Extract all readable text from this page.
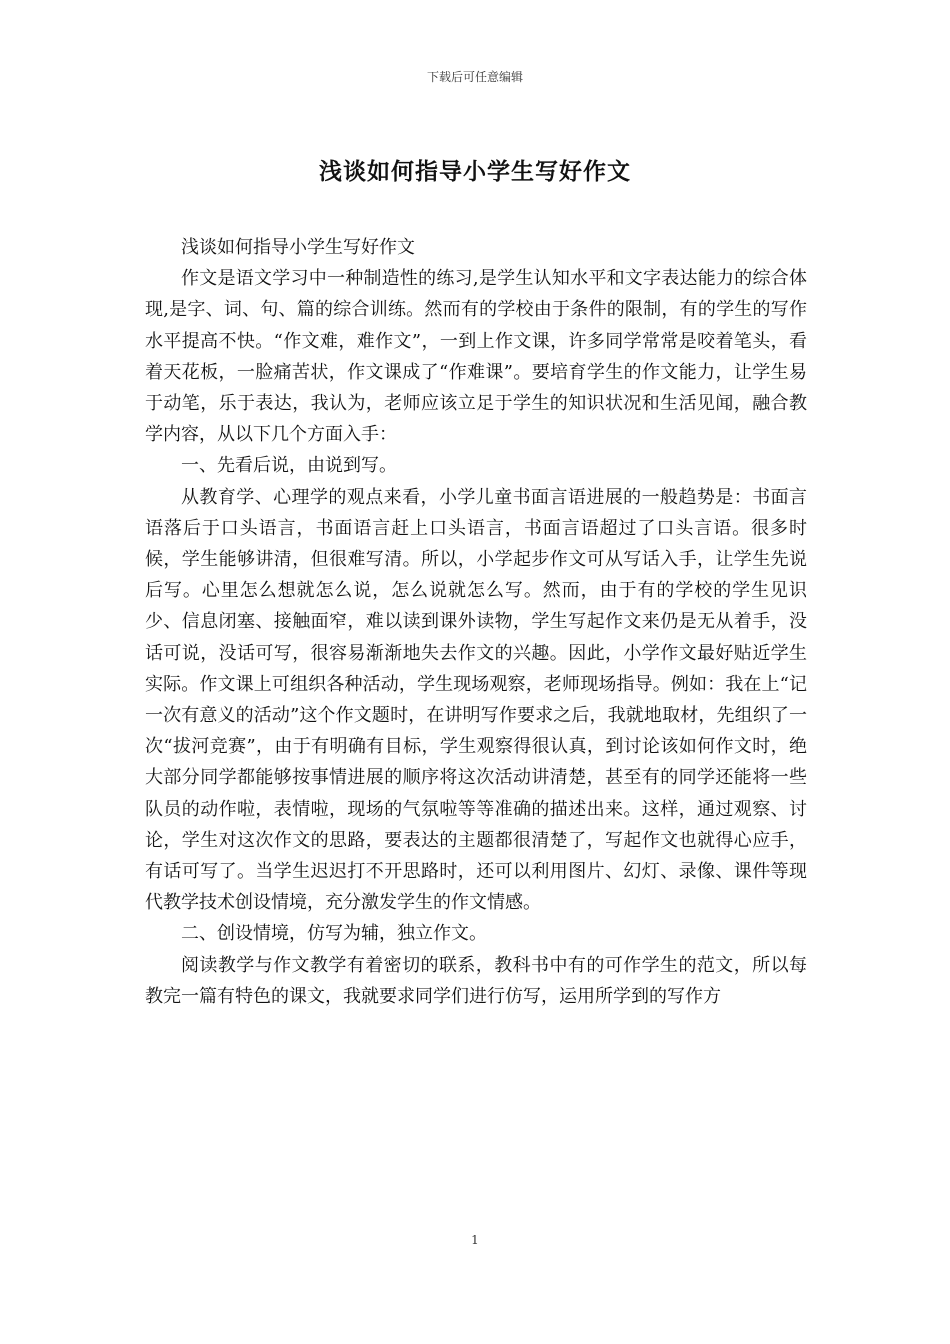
下载后可任意编辑
浅谈如何指导小学生写好作文

浅谈如何指导小学生写好作文

作文是语文学习中一种制造性的练习,是学生认知水平和文字表达能力的综合体现,是字、词、句、篇的综合训练。然而有的学校由于条件的限制，有的学生的写作水平提高不快。“作文难，难作文”，一到上作文课，许多同学常常是咬着笔头，看着天花板，一脸痛苦状，作文课成了“作难课”。要培育学生的作文能力，让学生易于动笔，乐于表达，我认为，老师应该立足于学生的知识状况和生活见闻，融合教学内容，从以下几个方面入手：

一、先看后说，由说到写。

从教育学、心理学的观点来看，小学儿童书面言语进展的一般趋势是：书面言语落后于口头语言，书面语言赶上口头语言，书面言语超过了口头言语。很多时候，学生能够讲清，但很难写清。所以，小学起步作文可从写话入手，让学生先说后写。心里怎么想就怎么说，怎么说就怎么写。然而，由于有的学校的学生见识少、信息闭塞、接触面窄，难以读到课外读物，学生写起作文来仍是无从着手，没话可说，没话可写，很容易渐渐地失去作文的兴趣。因此，小学作文最好贴近学生实际。作文课上可组织各种活动，学生现场观察，老师现场指导。例如：我在上“记一次有意义的活动”这个作文题时，在讲明写作要求之后，我就地取材，先组织了一次“拔河竞赛”，由于有明确有目标，学生观察得很认真，到讨论该如何作文时，绝大部分同学都能够按事情进展的顺序将这次活动讲清楚，甚至有的同学还能将一些队员的动作啦，表情啦，现场的气氛啦等等准确的描述出来。这样，通过观察、讨论，学生对这次作文的思路，要表达的主题都很清楚了，写起作文也就得心应手，有话可写了。当学生迟迟打不开思路时，还可以利用图片、幻灯、录像、课件等现代教学技术创设情境，充分激发学生的作文情感。

二、创设情境，仿写为辅，独立作文。

阅读教学与作文教学有着密切的联系，教科书中有的可作学生的范文，所以每教完一篇有特色的课文，我就要求同学们进行仿写，运用所学到的写作方

1
